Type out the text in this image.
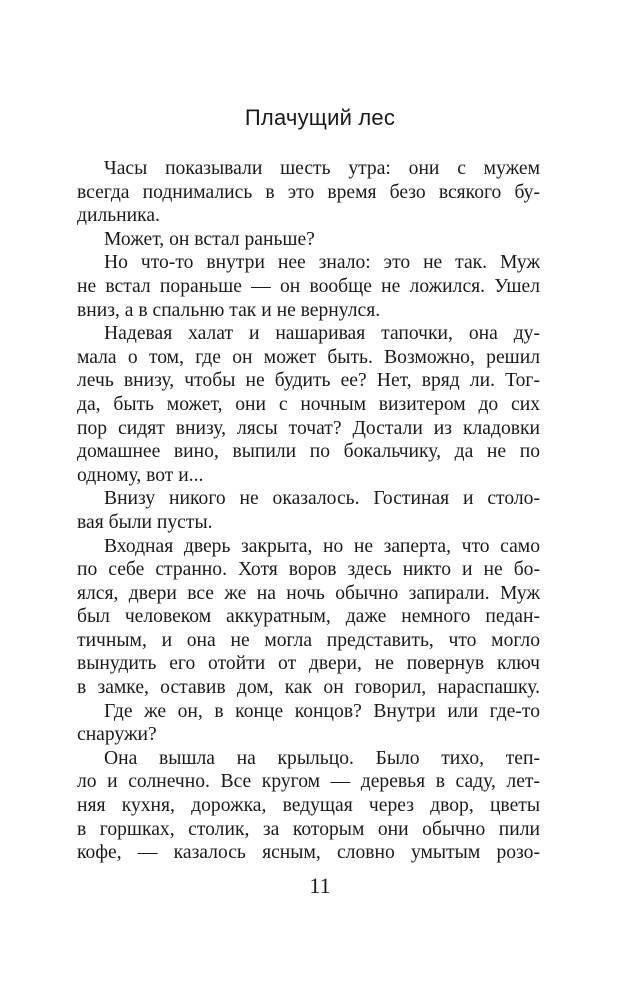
Плачущий лес
Часы показывали шесть утра: они с мужем
всегда поднимались в это время безо всякого бу-
дильника.
Может, он встал раньше?
Но что-то внутри нее знало: это не так. Муж
не встал пораньше — он вообще не ложился. Ушел
вниз, а в спальню так и не вернулся.
Надевая халат и нашаривая тапочки, она ду-
мала о том, где он может быть. Возможно, решил
лечь внизу, чтобы не будить ее? Нет, вряд ли. Тог-
да, быть может, они с ночным визитером до сих
пор сидят внизу, лясы точат? Достали из кладовки
домашнее вино, выпили по бокальчику, да не по
одному, вот и...
Внизу никого не оказалось. Гостиная и столо-
вая были пусты.
Входная дверь закрыта, но не заперта, что само
по себе странно. Хотя воров здесь никто и не бо-
ялся, двери все же на ночь обычно запирали. Муж
был человеком аккуратным, даже немного педан-
тичным, и она не могла представить, что могло
вынудить его отойти от двери, не повернув ключ
в замке, оставив дом, как он говорил, нараспашку.
Где же он, в конце концов? Внутри или где-то
снаружи?
Она вышла на крыльцо. Было тихо, теп-
ло и солнечно. Все кругом — деревья в саду, лет-
няя кухня, дорожка, ведущая через двор, цветы
в горшках, столик, за которым они обычно пили
кофе, — казалось ясным, словно умытым розо-
11
